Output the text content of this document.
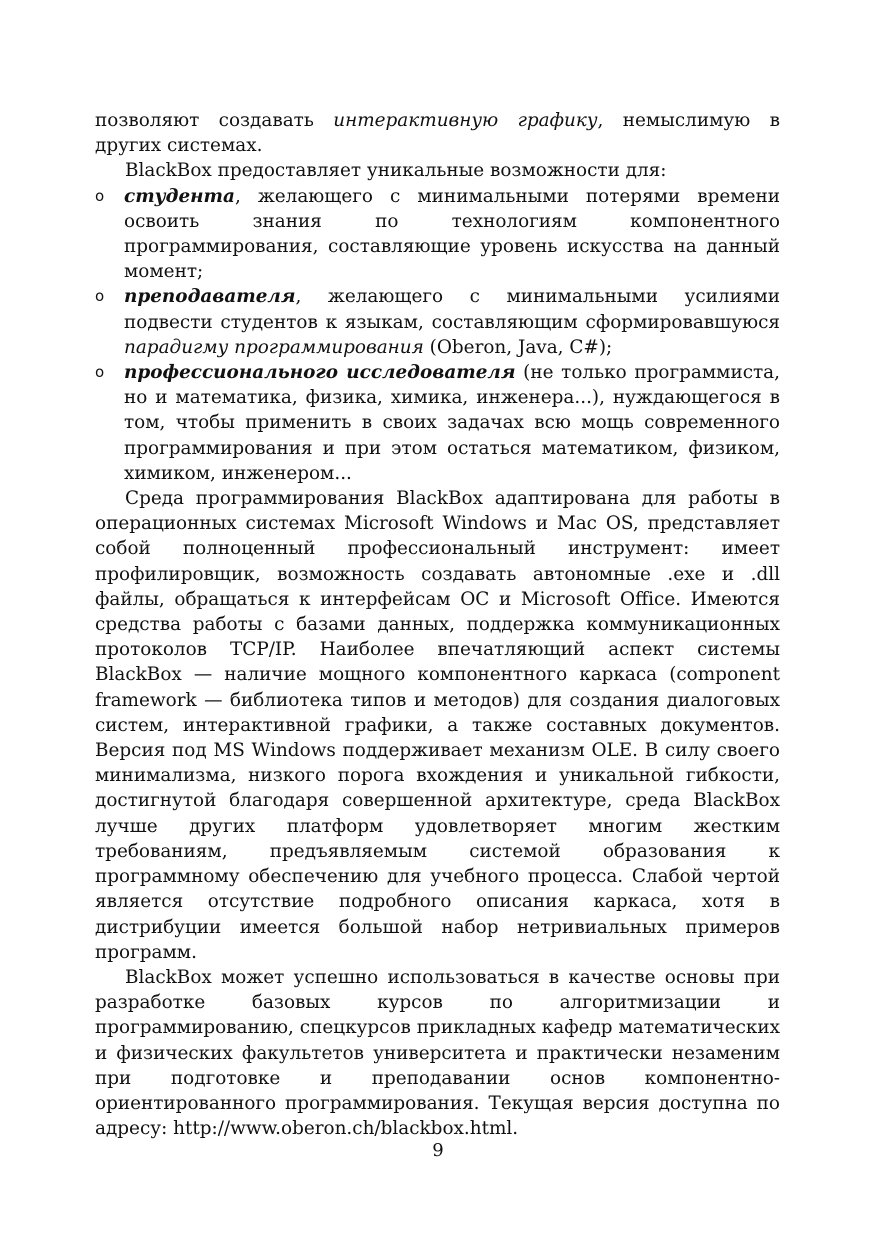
позволяют создавать интерактивную графику, немыслимую в других системах.

BlackBox предоставляет уникальные возможности для:

o студента, желающего с минимальными потерями времени освоить знания по технологиям компонентного программирования, составляющие уровень искусства на данный момент;

o преподавателя, желающего с минимальными усилиями подвести студентов к языкам, составляющим сформировавшуюся парадигму программирования (Oberon, Java, C#);

o профессионального исследователя (не только программиста, но и математика, физика, химика, инженера...), нуждающегося в том, чтобы применить в своих задачах всю мощь современного программирования и при этом остаться математиком, физиком, химиком, инженером...

Среда программирования BlackBox адаптирована для работы в операционных системах Microsoft Windows и Mac OS, представляет собой полноценный профессиональный инструмент: имеет профилировщик, возможность создавать автономные .exe и .dll файлы, обращаться к интерфейсам ОС и Microsoft Office. Имеются средства работы с базами данных, поддержка коммуникационных протоколов TCP/IP. Наиболее впечатляющий аспект системы BlackBox — наличие мощного компонентного каркаса (component framework — библиотека типов и методов) для создания диалоговых систем, интерактивной графики, а также составных документов. Версия под MS Windows поддерживает механизм OLE. В силу своего минимализма, низкого порога вхождения и уникальной гибкости, достигнутой благодаря совершенной архитектуре, среда BlackBox лучше других платформ удовлетворяет многим жестким требованиям, предъявляемым системой образования к программному обеспечению для учебного процесса. Слабой чертой является отсутствие подробного описания каркаса, хотя в дистрибуции имеется большой набор нетривиальных примеров программ.

BlackBox может успешно использоваться в качестве основы при разработке базовых курсов по алгоритмизации и программированию, спецкурсов прикладных кафедр математических и физических факультетов университета и практически незаменим при подготовке и преподавании основ компонентно-ориентированного программирования. Текущая версия доступна по адресу: http://www.oberon.ch/blackbox.html.

9
